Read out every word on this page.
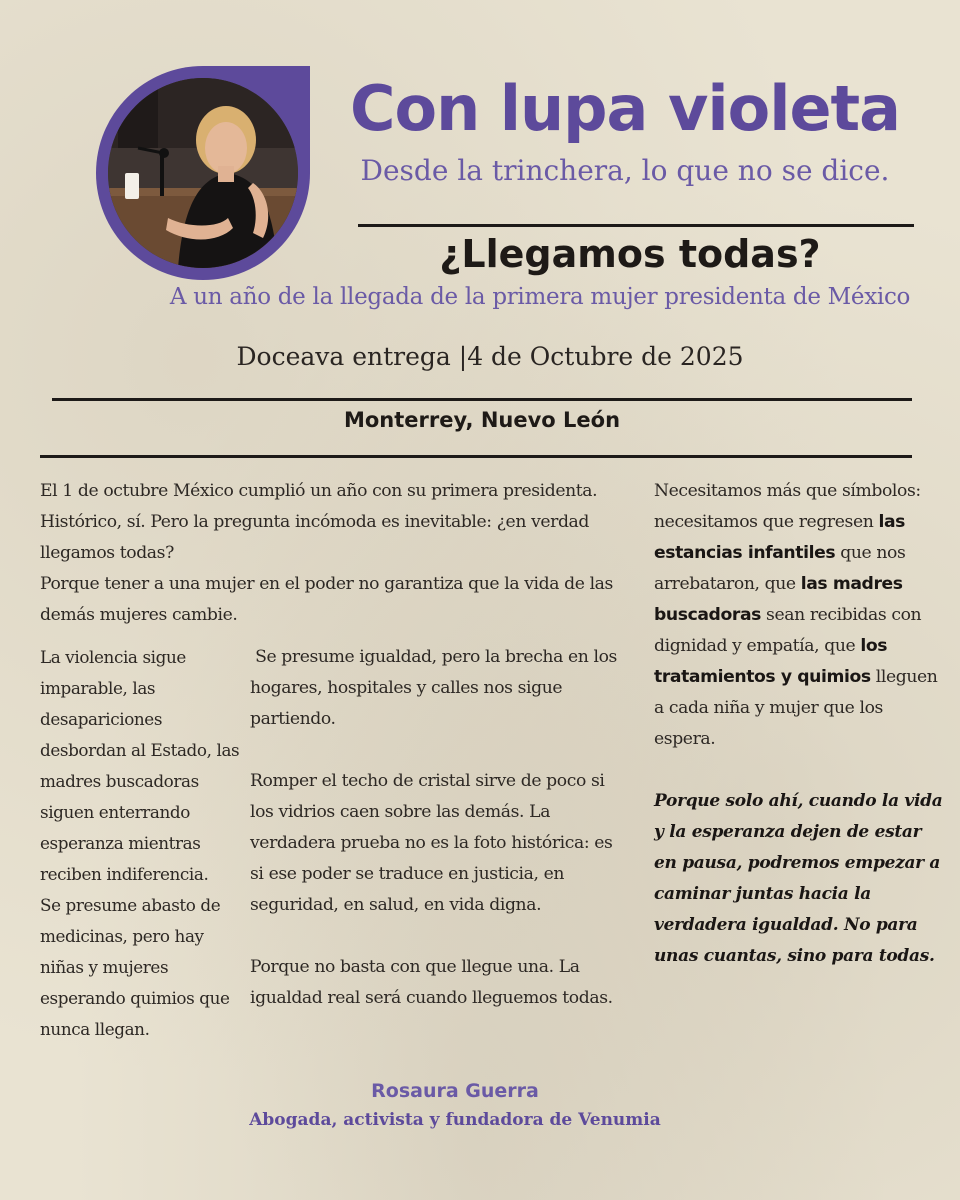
Con lupa violeta
Desde la trinchera, lo que no se dice.
¿Llegamos todas?
A un año de la llegada de la primera mujer presidenta de México
Doceava entrega |4 de Octubre de 2025
Monterrey, Nuevo León
El 1 de octubre México cumplió un año con su primera presidenta. Histórico, sí. Pero la pregunta incómoda es inevitable: ¿en verdad llegamos todas?
Porque tener a una mujer en el poder no garantiza que la vida de las demás mujeres cambie.
La violencia sigue imparable, las desapariciones desbordan al Estado, las madres buscadoras siguen enterrando esperanza mientras reciben indiferencia.
Se presume abasto de medicinas, pero hay niñas y mujeres esperando quimios que nunca llegan.
Se presume igualdad, pero la brecha en los hogares, hospitales y calles nos sigue partiendo.
Romper el techo de cristal sirve de poco si los vidrios caen sobre las demás. La verdadera prueba no es la foto histórica: es si ese poder se traduce en justicia, en seguridad, en salud, en vida digna.
Porque no basta con que llegue una. La igualdad real será cuando lleguemos todas.
Necesitamos más que símbolos: necesitamos que regresen las estancias infantiles que nos arrebataron, que las madres buscadoras sean recibidas con dignidad y empatía, que los tratamientos y quimios lleguen a cada niña y mujer que los espera.
Porque solo ahí, cuando la vida y la esperanza dejen de estar en pausa, podremos empezar a caminar juntas hacia la verdadera igualdad. No para unas cuantas, sino para todas.
Rosaura Guerra
Abogada, activista y fundadora de Venumia
